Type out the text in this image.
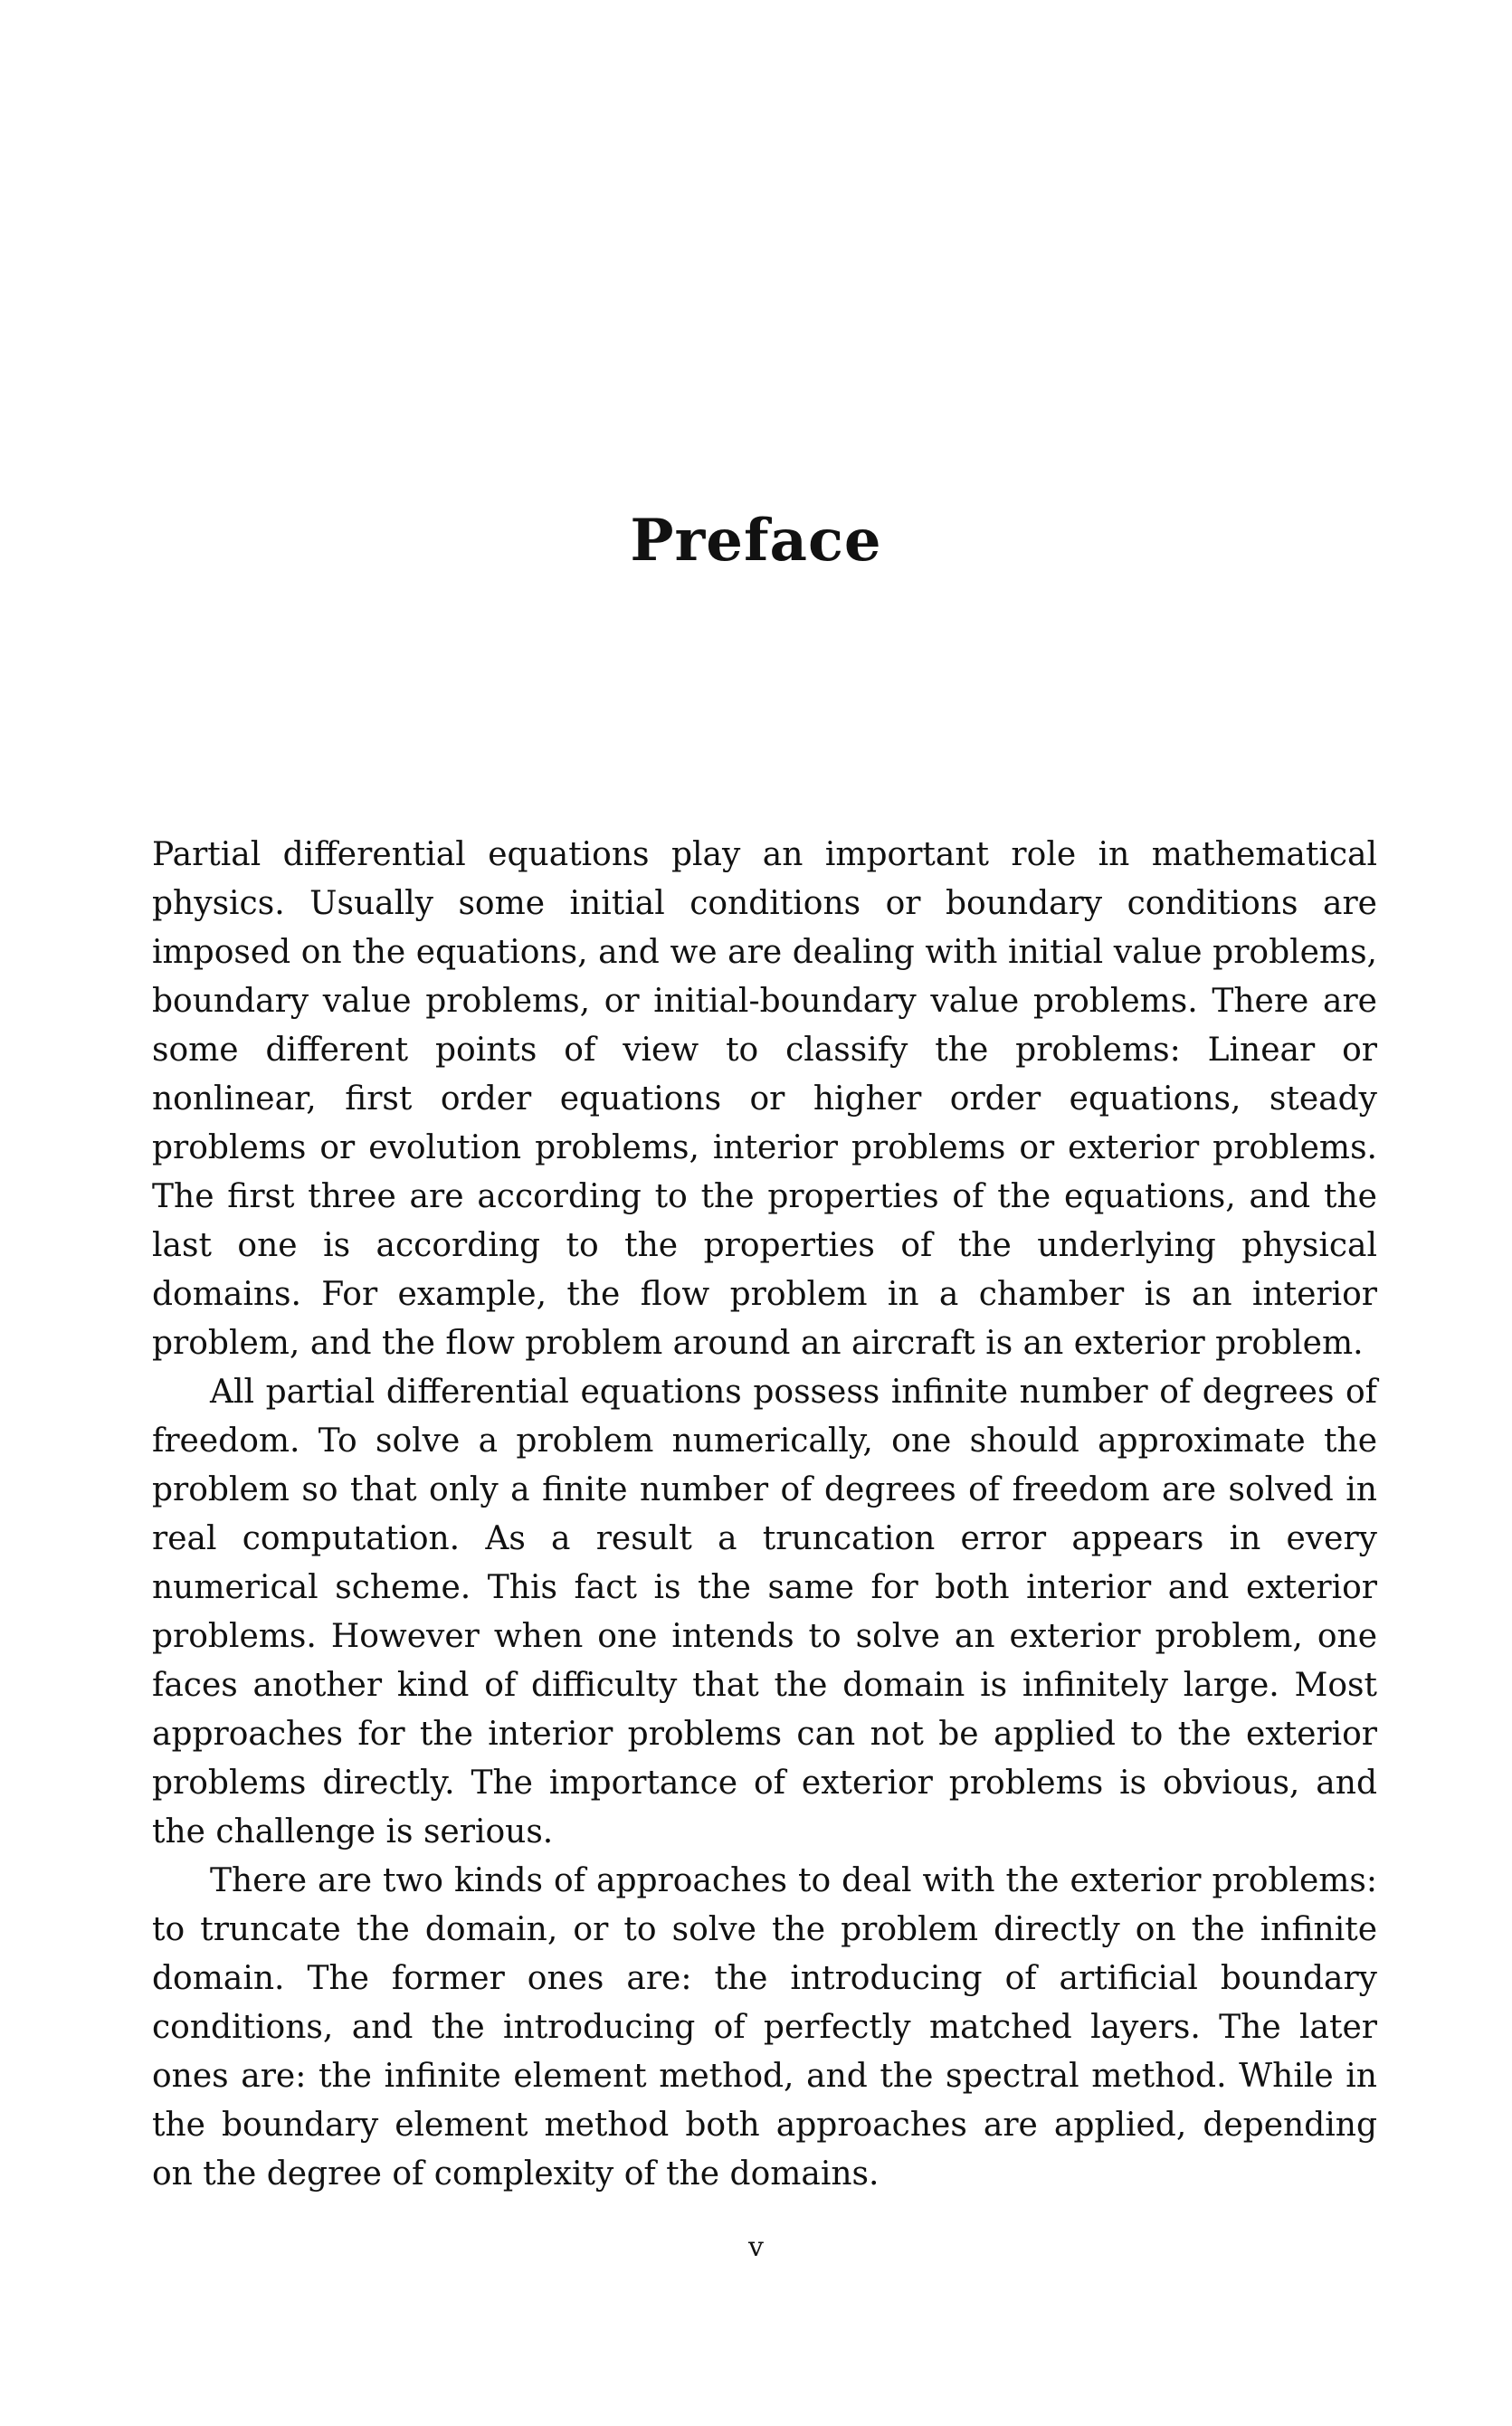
Preface

Partial differential equations play an important role in mathematical physics. Usually some initial conditions or boundary conditions are imposed on the equations, and we are dealing with initial value problems, boundary value problems, or initial-boundary value problems. There are some different points of view to classify the problems: Linear or nonlinear, first order equations or higher order equations, steady problems or evolution problems, interior problems or exterior problems. The first three are according to the properties of the equations, and the last one is according to the properties of the underlying physical domains. For example, the flow problem in a chamber is an interior problem, and the flow problem around an aircraft is an exterior problem.

All partial differential equations possess infinite number of degrees of freedom. To solve a problem numerically, one should approximate the problem so that only a finite number of degrees of freedom are solved in real computation. As a result a truncation error appears in every numerical scheme. This fact is the same for both interior and exterior problems. However when one intends to solve an exterior problem, one faces another kind of difficulty that the domain is infinitely large. Most approaches for the interior problems can not be applied to the exterior problems directly. The importance of exterior problems is obvious, and the challenge is serious.

There are two kinds of approaches to deal with the exterior problems: to truncate the domain, or to solve the problem directly on the infinite domain. The former ones are: the introducing of artificial boundary conditions, and the introducing of perfectly matched layers. The later ones are: the infinite element method, and the spectral method. While in the boundary element method both approaches are applied, depending on the degree of complexity of the domains.

v
